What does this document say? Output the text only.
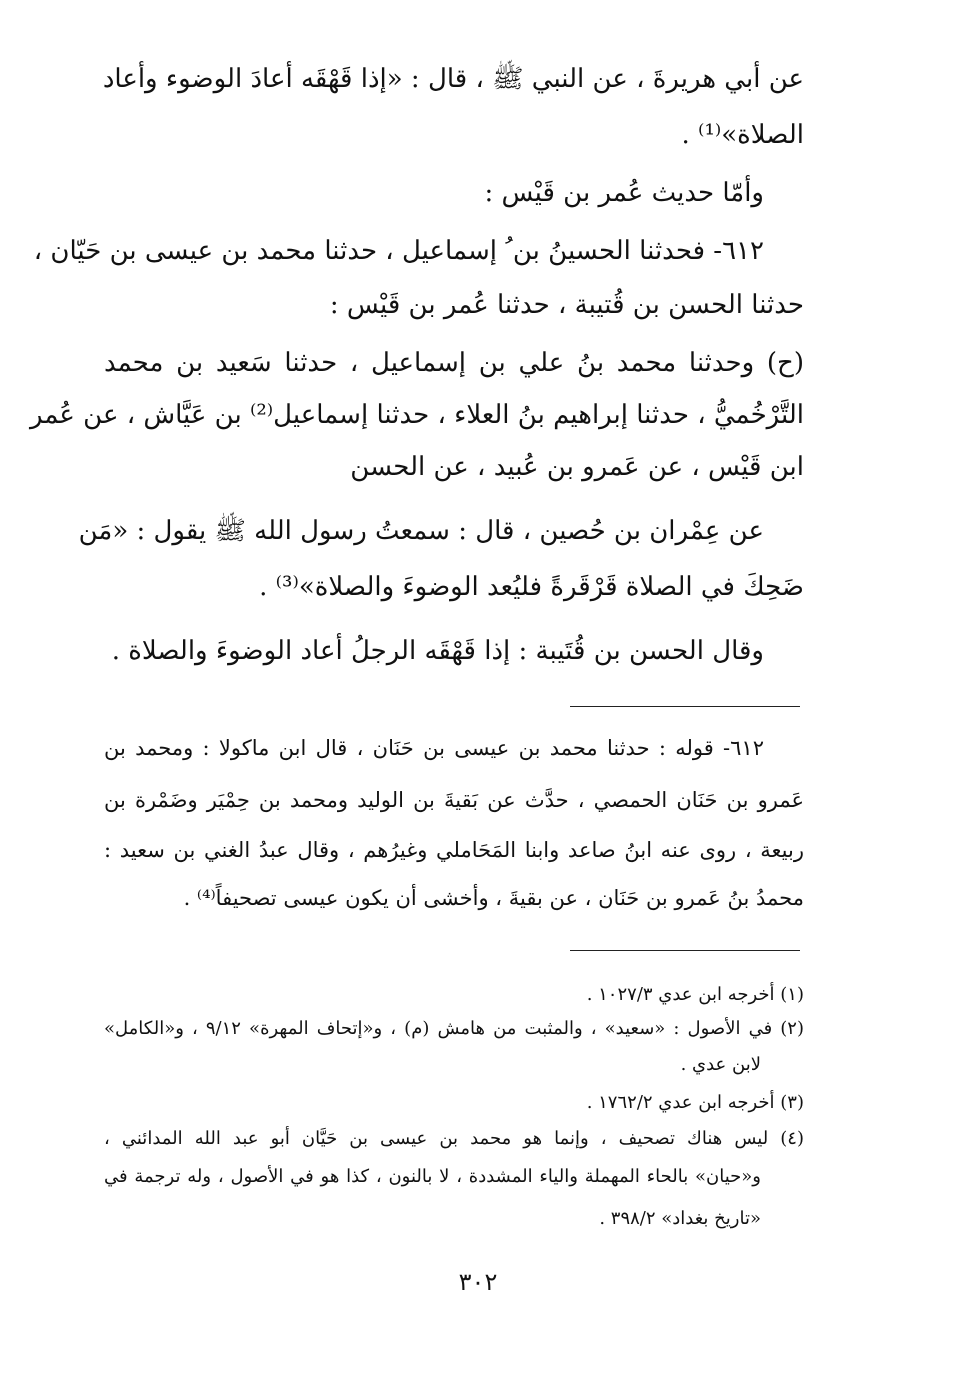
عن أبي هريرةَ ، عن النبي ﷺ ، قال : «إذا قَهْقَه أعادَ الوضوء وأعاد
الصلاة»⁽¹⁾ .
وأمّا حديث عُمر بن قَيْس :
٦١٢- فحدثنا الحسينُ بن ُ إسماعيل ، حدثنا محمد بن عيسى بن حَيّان ،
حدثنا الحسن بن قُتيبة ، حدثنا عُمر بن قَيْس :
(ح) وحدثنا محمد بنُ علي بن إسماعيل ، حدثنا سَعيد بن محمد
التَّرْخُميُّ ، حدثنا إبراهيم بنُ العلاء ، حدثنا إسماعيل⁽²⁾ بن عَيَّاش ، عن عُمر
ابن قَيْس ، عن عَمرو بن عُبيد ، عن الحسن
عن عِمْران بن حُصين ، قال : سمعتُ رسول الله ﷺ يقول : «مَن
ضَحِكَ في الصلاة قَرْقَرةً فليُعد الوضوءَ والصلاة»⁽³⁾ .
وقال الحسن بن قُتَيبة : إذا قَهْقَه الرجلُ أعاد الوضوءَ والصلاة .
٦١٢- قوله : حدثنا محمد بن عيسى بن حَنَان ، قال ابن ماكولا : ومحمد بن
عَمرو بن حَنَان الحمصي ، حدَّث عن بَقيةَ بن الوليد ومحمد بن حِمْيَر وضَمْرة بن
ربيعة ، روى عنه ابنُ صاعد وابنا المَحَاملي وغيرُهم ، وقال عبدُ الغني بن سعيد :
محمدُ بنُ عَمرو بن حَنَان ، عن بقيةَ ، وأخشى أن يكون عيسى تصحيفاً⁽⁴⁾ .
(١) أخرجه ابن عدي ١٠٢٧/٣ .
(٢) في الأصول : «سعيد» ، والمثبت من هامش (م) ، و«إتحاف المهرة» ٩/١٢ ، و«الكامل»
لابن عدي .
(٣) أخرجه ابن عدي ١٧٦٢/٢ .
(٤) ليس هناك تصحيف ، وإنما هو محمد بن عيسى بن حَيَّان أبو عبد الله المدائني ،
و«حيان» بالحاء المهملة والياء المشددة ، لا بالنون ، كذا هو في الأصول ، وله ترجمة في
«تاريخ بغداد» ٣٩٨/٢ .
٣٠٢
